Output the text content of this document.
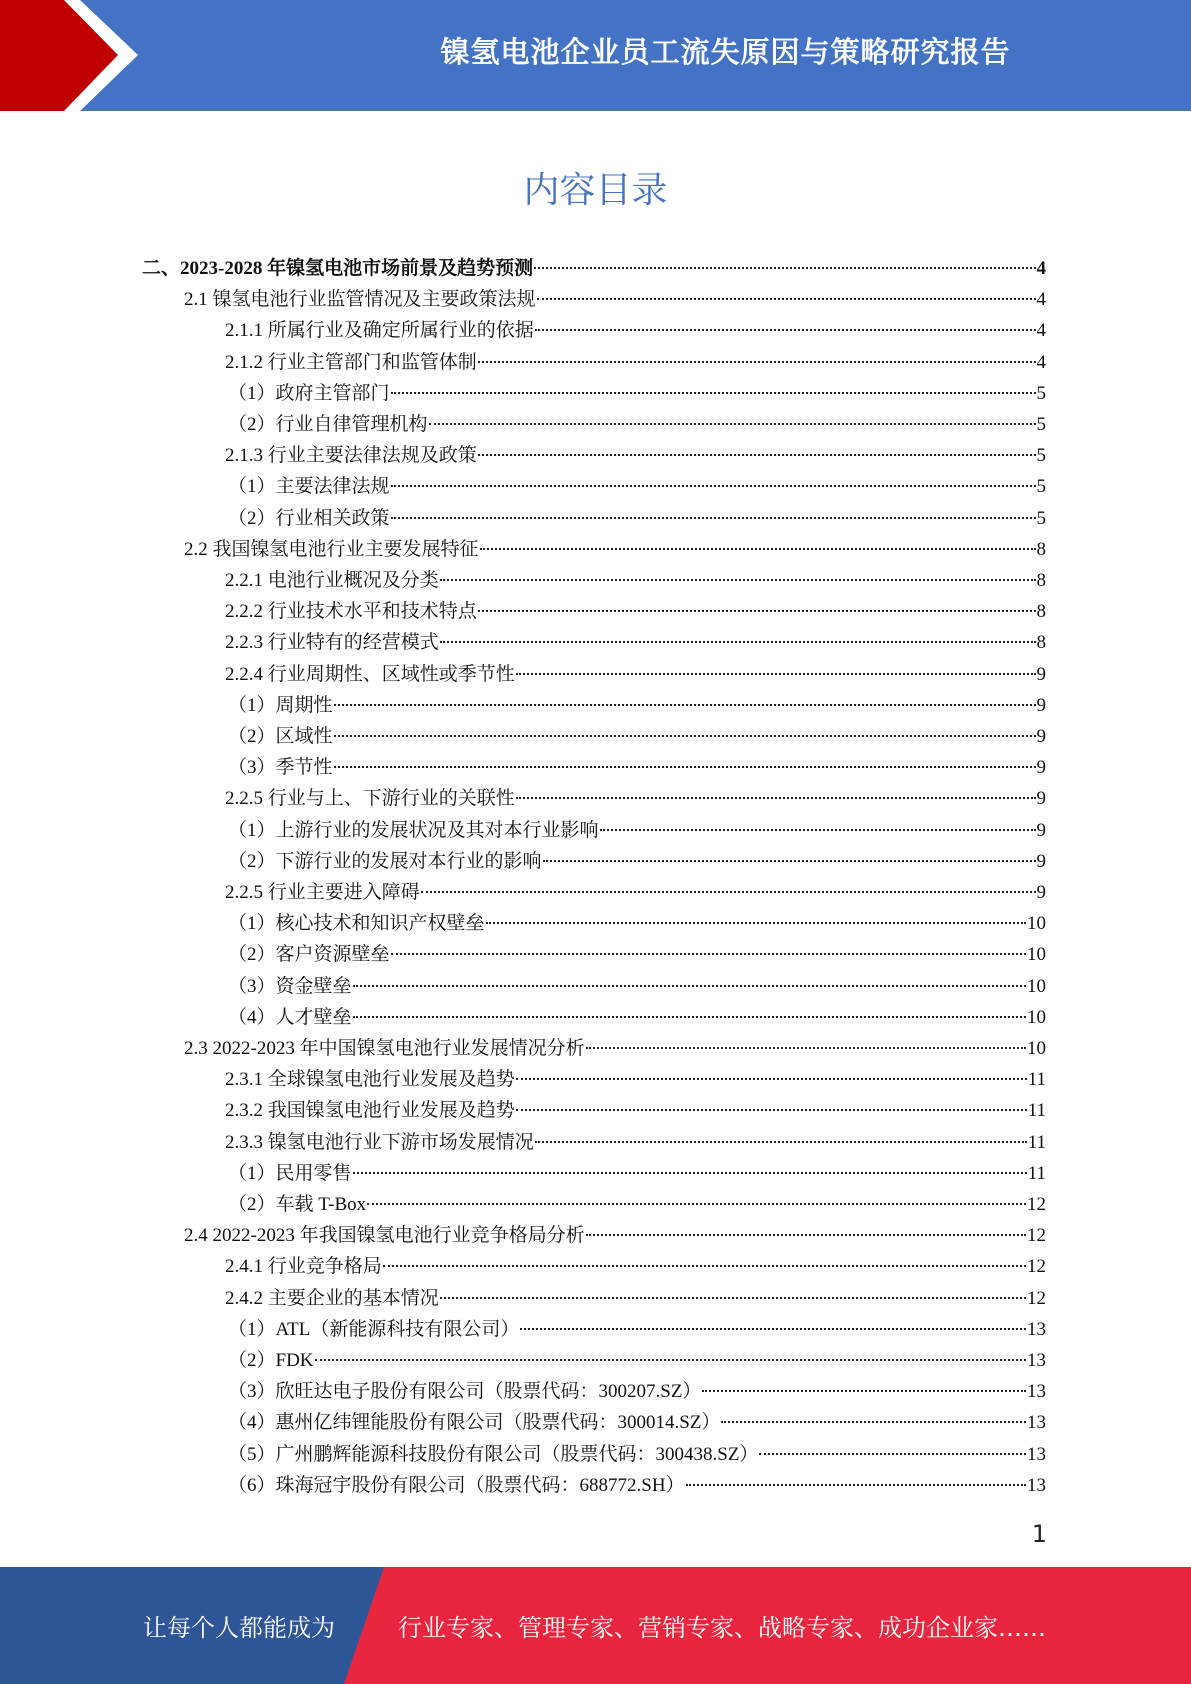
镍氢电池企业员工流失原因与策略研究报告
内容目录
二、2023-2028 年镍氢电池市场前景及趋势预测	4
2.1 镍氢电池行业监管情况及主要政策法规	4
2.1.1 所属行业及确定所属行业的依据	4
2.1.2 行业主管部门和监管体制	4
（1）政府主管部门	5
（2）行业自律管理机构	5
2.1.3 行业主要法律法规及政策	5
（1）主要法律法规	5
（2）行业相关政策	5
2.2 我国镍氢电池行业主要发展特征	8
2.2.1 电池行业概况及分类	8
2.2.2 行业技术水平和技术特点	8
2.2.3 行业特有的经营模式	8
2.2.4 行业周期性、区域性或季节性	9
（1）周期性	9
（2）区域性	9
（3）季节性	9
2.2.5 行业与上、下游行业的关联性	9
（1）上游行业的发展状况及其对本行业影响	9
（2）下游行业的发展对本行业的影响	9
2.2.5 行业主要进入障碍	9
（1）核心技术和知识产权壁垒	10
（2）客户资源壁垒	10
（3）资金壁垒	10
（4）人才壁垒	10
2.3 2022-2023 年中国镍氢电池行业发展情况分析	10
2.3.1 全球镍氢电池行业发展及趋势	11
2.3.2 我国镍氢电池行业发展及趋势	11
2.3.3 镍氢电池行业下游市场发展情况	11
（1）民用零售	11
（2）车载 T-Box	12
2.4 2022-2023 年我国镍氢电池行业竞争格局分析	12
2.4.1 行业竞争格局	12
2.4.2 主要企业的基本情况	12
（1）ATL（新能源科技有限公司）	13
（2）FDK	13
（3）欣旺达电子股份有限公司（股票代码：300207.SZ）	13
（4）惠州亿纬锂能股份有限公司（股票代码：300014.SZ）	13
（5）广州鹏辉能源科技股份有限公司（股票代码：300438.SZ）	13
（6）珠海冠宇股份有限公司（股票代码：688772.SH）	13
1
让每个人都能成为	行业专家、管理专家、营销专家、战略专家、成功企业家……
